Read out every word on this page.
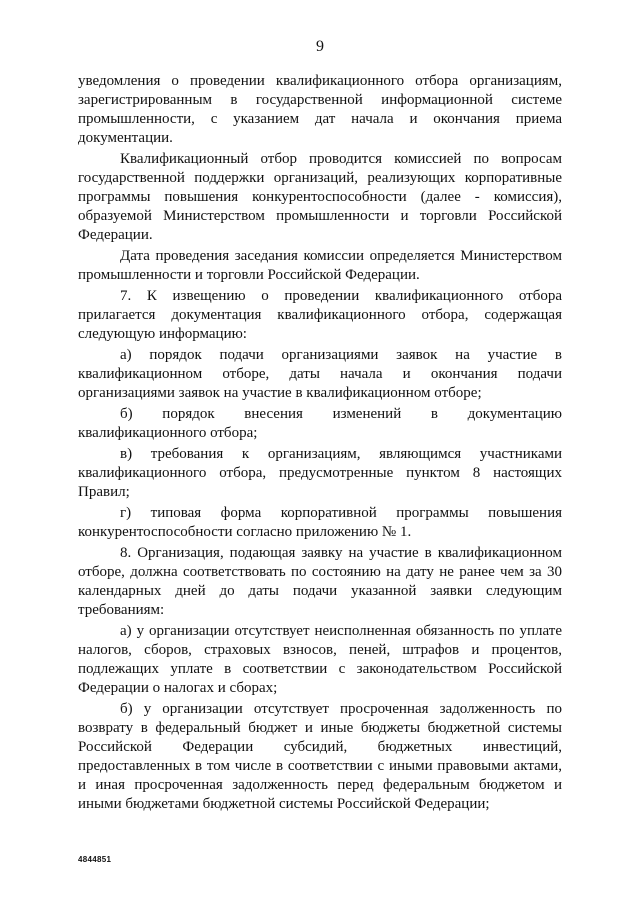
9

уведомления о проведении квалификационного отбора организациям, зарегистрированным в государственной информационной системе промышленности, с указанием дат начала и окончания приема документации.

Квалификационный отбор проводится комиссией по вопросам государственной поддержки организаций, реализующих корпоративные программы повышения конкурентоспособности (далее - комиссия), образуемой Министерством промышленности и торговли Российской Федерации.

Дата проведения заседания комиссии определяется Министерством промышленности и торговли Российской Федерации.

7. К извещению о проведении квалификационного отбора прилагается документация квалификационного отбора, содержащая следующую информацию:

а) порядок подачи организациями заявок на участие в квалификационном отборе, даты начала и окончания подачи организациями заявок на участие в квалификационном отборе;

б) порядок внесения изменений в документацию квалификационного отбора;

в) требования к организациям, являющимся участниками квалификационного отбора, предусмотренные пунктом 8 настоящих Правил;

г) типовая форма корпоративной программы повышения конкурентоспособности согласно приложению № 1.

8. Организация, подающая заявку на участие в квалификационном отборе, должна соответствовать по состоянию на дату не ранее чем за 30 календарных дней до даты подачи указанной заявки следующим требованиям:

а) у организации отсутствует неисполненная обязанность по уплате налогов, сборов, страховых взносов, пеней, штрафов и процентов, подлежащих уплате в соответствии с законодательством Российской Федерации о налогах и сборах;

б) у организации отсутствует просроченная задолженность по возврату в федеральный бюджет и иные бюджеты бюджетной системы Российской Федерации субсидий, бюджетных инвестиций, предоставленных в том числе в соответствии с иными правовыми актами, и иная просроченная задолженность перед федеральным бюджетом и иными бюджетами бюджетной системы Российской Федерации;

4844851
